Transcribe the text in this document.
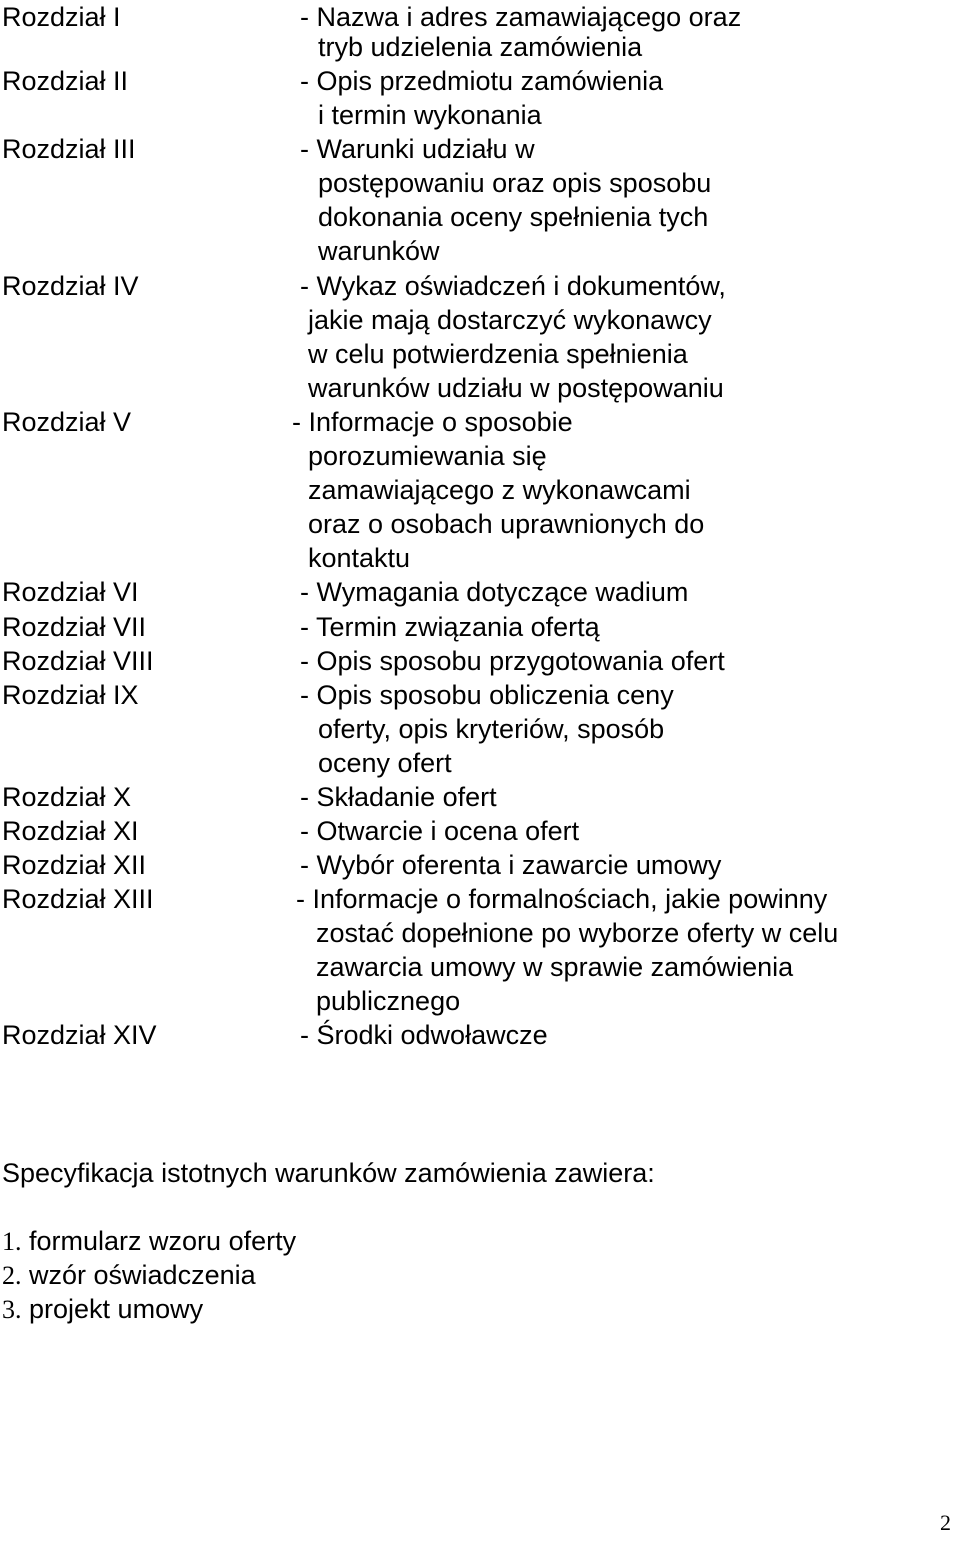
Rozdział I
Rozdział II
Rozdział III
Rozdział IV
Rozdział V
Rozdział VI
Rozdział VII
Rozdział VIII
Rozdział IX
Rozdział X
Rozdział XI
Rozdział XII
Rozdział XIII
Rozdział XIV
- Nazwa i adres zamawiającego oraz
tryb udzielenia zamówienia
- Opis przedmiotu zamówienia
i termin wykonania
- Warunki udziału w
postępowaniu oraz opis sposobu
dokonania oceny spełnienia tych
warunków
- Wykaz oświadczeń i dokumentów,
jakie mają dostarczyć wykonawcy
w celu potwierdzenia spełnienia
warunków udziału w postępowaniu
- Informacje o sposobie
porozumiewania się
zamawiającego z wykonawcami
oraz o osobach uprawnionych do
kontaktu
- Wymagania dotyczące wadium
- Termin związania ofertą
- Opis sposobu przygotowania ofert
- Opis sposobu obliczenia ceny
oferty, opis kryteriów, sposób
oceny ofert
- Składanie ofert
- Otwarcie i ocena ofert
- Wybór oferenta i zawarcie umowy
- Informacje o formalnościach, jakie powinny
zostać dopełnione po wyborze oferty w celu
zawarcia umowy w sprawie zamówienia
publicznego
- Środki odwoławcze
Specyfikacja istotnych warunków zamówienia zawiera:
1. formularz wzoru oferty
2. wzór oświadczenia
3. projekt umowy
2
